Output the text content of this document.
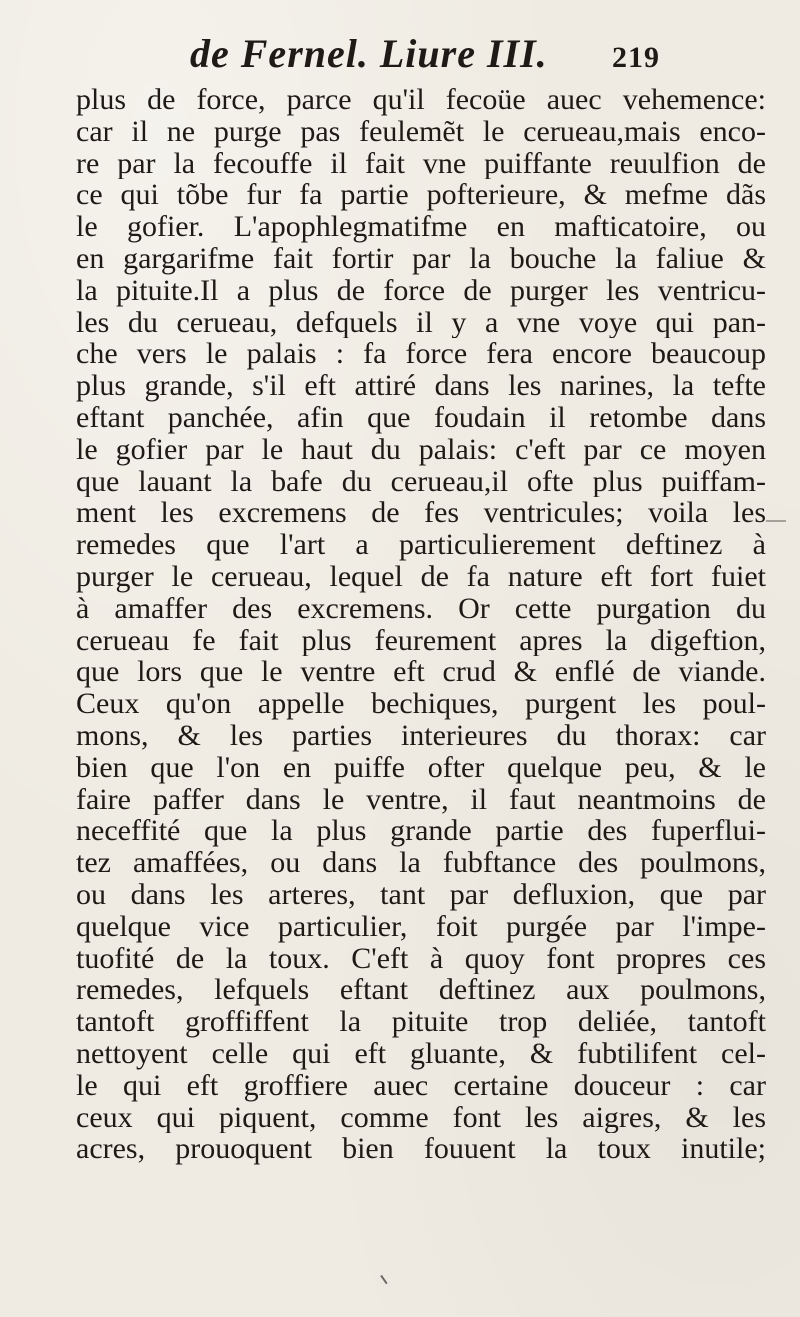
de Fernel. Liure III. 219
plus de force, parce qu'il fecoüe auec vehemence:
car il ne purge pas feulemẽt le cerueau,mais enco-
re par la fecouffe il fait vne puiffante reuulfion de
ce qui tõbe fur fa partie pofterieure, & mefme dãs
le gofier. L'apophlegmatifme en mafticatoire, ou
en gargarifme fait fortir par la bouche la faliue &
la pituite.Il a plus de force de purger les ventricu-
les du cerueau, defquels il y a vne voye qui pan-
che vers le palais : fa force fera encore beaucoup
plus grande, s'il eft attiré dans les narines, la tefte
eftant panchée, afin que foudain il retombe dans
le gofier par le haut du palais: c'eft par ce moyen
que lauant la bafe du cerueau,il ofte plus puiffam-
ment les excremens de fes ventricules; voila les
remedes que l'art a particulierement deftinez à
purger le cerueau, lequel de fa nature eft fort fuiet
à amaffer des excremens. Or cette purgation du
cerueau fe fait plus feurement apres la digeftion,
que lors que le ventre eft crud & enflé de viande.
Ceux qu'on appelle bechiques, purgent les poul-
mons, & les parties interieures du thorax: car
bien que l'on en puiffe ofter quelque peu, & le
faire paffer dans le ventre, il faut neantmoins de
neceffité que la plus grande partie des fuperflui-
tez amaffées, ou dans la fubftance des poulmons,
ou dans les arteres, tant par defluxion, que par
quelque vice particulier, foit purgée par l'impe-
tuofité de la toux. C'eft à quoy font propres ces
remedes, lefquels eftant deftinez aux poulmons,
tantoft groffiffent la pituite trop deliée, tantoft
nettoyent celle qui eft gluante, & fubtilifent cel-
le qui eft groffiere auec certaine douceur : car
ceux qui piquent, comme font les aigres, & les
acres, prouoquent bien fouuent la toux inutile;
